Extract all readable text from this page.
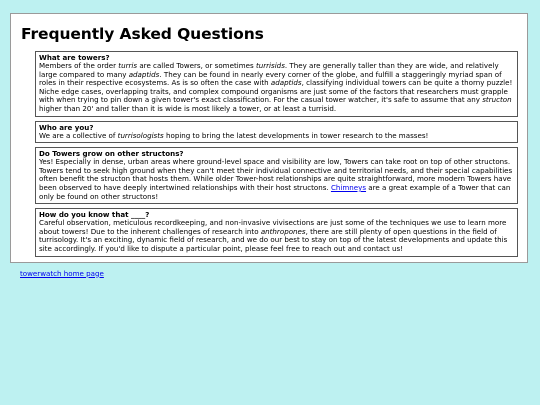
Frequently Asked Questions
What are towers?
Members of the order turris are called Towers, or sometimes turrisids. They are generally taller than they are wide, and relatively large compared to many adaptids. They can be found in nearly every corner of the globe, and fulfill a staggeringly myriad span of roles in their respective ecosystems. As is so often the case with adaptids, classifying individual towers can be quite a thorny puzzle! Niche edge cases, overlapping traits, and complex compound organisms are just some of the factors that researchers must grapple with when trying to pin down a given tower's exact classification. For the casual tower watcher, it's safe to assume that any structon higher than 20' and taller than it is wide is most likely a tower, or at least a turrisid.
Who are you?
We are a collective of turrisologists hoping to bring the latest developments in tower research to the masses!
Do Towers grow on other structons?
Yes! Especially in dense, urban areas where ground-level space and visibility are low, Towers can take root on top of other structons. Towers tend to seek high ground when they can't meet their individual connective and territorial needs, and their special capabilities often benefit the structon that hosts them. While older Tower-host relationships are quite straightforward, more modern Towers have been observed to have deeply intertwined relationships with their host structons. Chimneys are a great example of a Tower that can only be found on other structons!
How do you know that ____?
Careful observation, meticulous recordkeeping, and non-invasive vivisections are just some of the techniques we use to learn more about towers! Due to the inherent challenges of research into anthropones, there are still plenty of open questions in the field of turrisology. It's an exciting, dynamic field of research, and we do our best to stay on top of the latest developments and update this site accordingly. If you'd like to dispute a particular point, please feel free to reach out and contact us!
towerwatch home page
